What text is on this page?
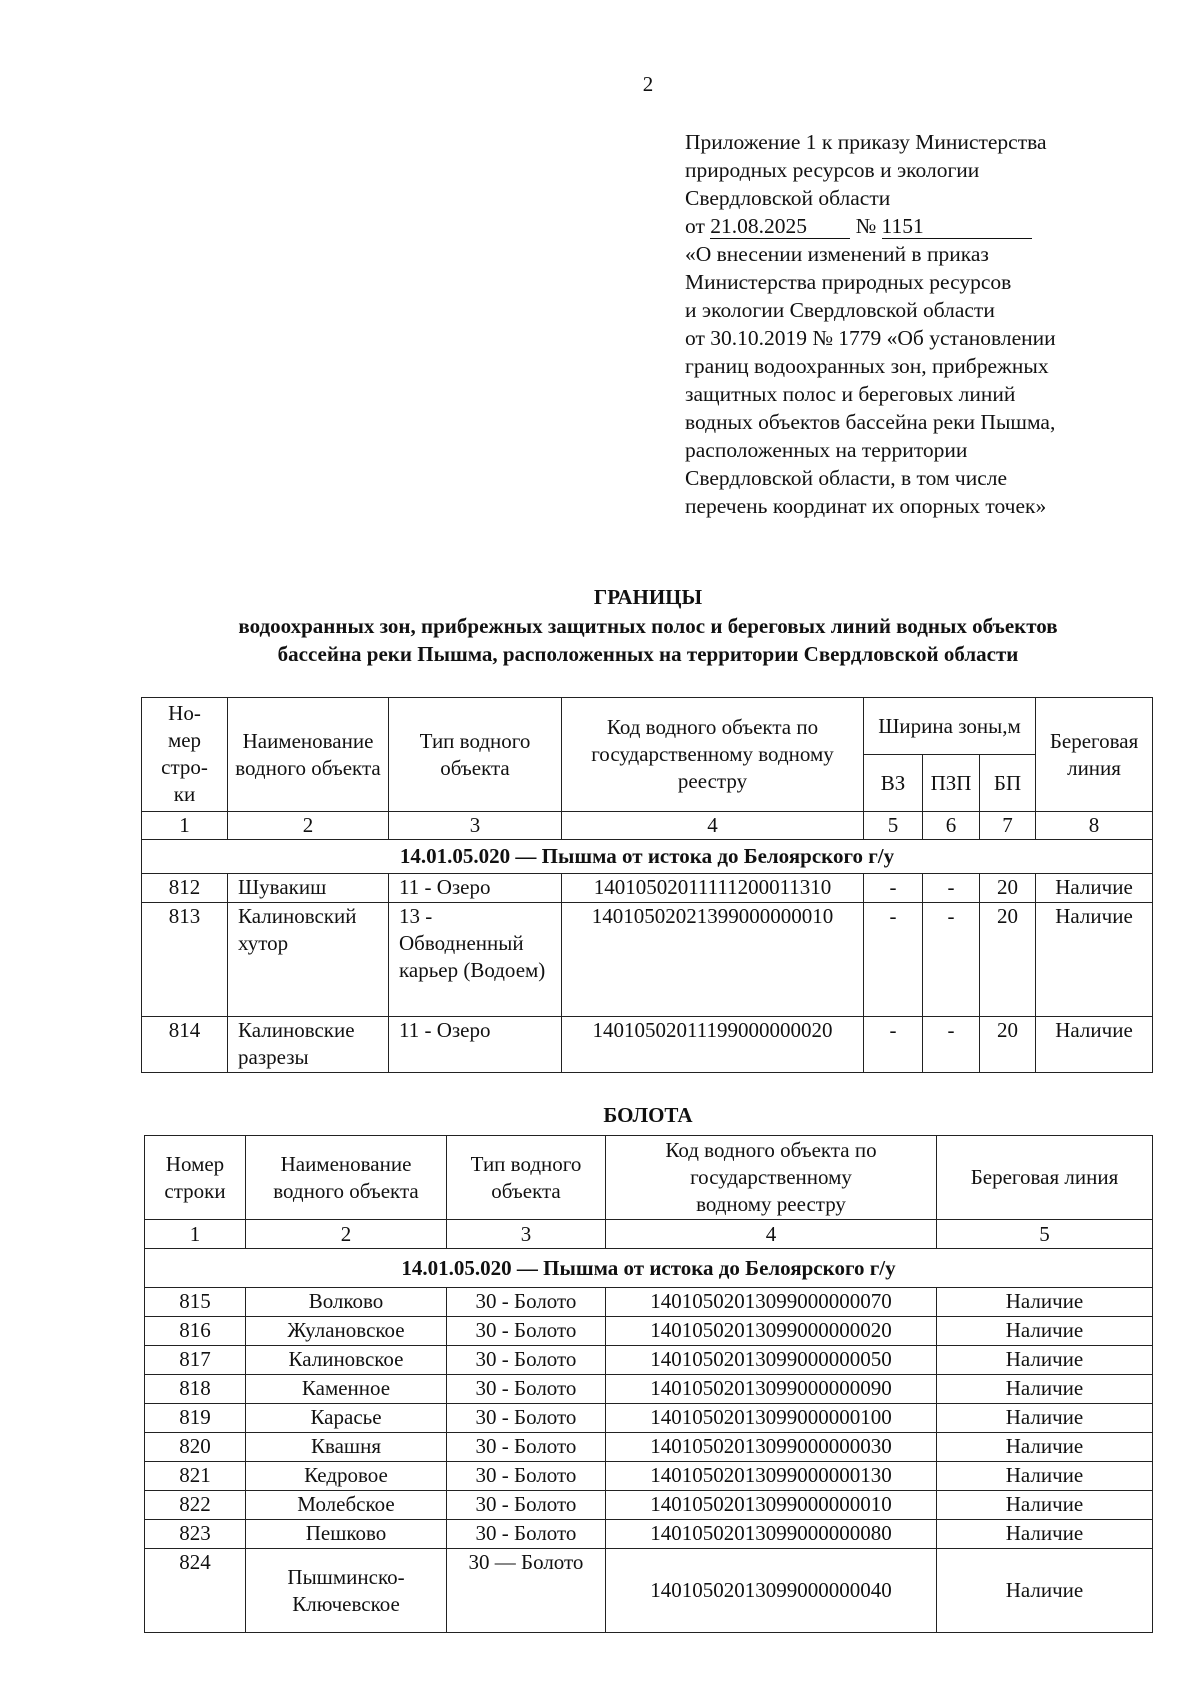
2
Приложение 1 к приказу Министерства
природных ресурсов и экологии
Свердловской области
от 21.08.2025 № 1151
«О внесении изменений в приказ
Министерства природных ресурсов
и экологии Свердловской области
от 30.10.2019 № 1779 «Об установлении
границ водоохранных зон, прибрежных
защитных полос и береговых линий
водных объектов бассейна реки Пышма,
расположенных на территории
Свердловской области, в том числе
перечень координат их опорных точек»
ГРАНИЦЫ
водоохранных зон, прибрежных защитных полос и береговых линий водных объектов
бассейна реки Пышма, расположенных на территории Свердловской области
Но-
мер
стро-
ки	Наименование водного объекта	Тип водного объекта	Код водного объекта по государственному водному реестру	Ширина зоны,м			Береговая линия
				ВЗ	ПЗП	БП	
1	2	3	4	5	6	7	8
14.01.05.020 — Пышма от истока до Белоярского г/у							
812	Шувакиш	11 - Озеро	14010502011111200011310	-	-	20	Наличие
813	Калиновский хутор	13 - Обводненный карьер (Водоем)	14010502021399000000010	-	-	20	Наличие
814	Калиновские разрезы	11 - Озеро	14010502011199000000020	-	-	20	Наличие
БОЛОТА
Номер строки	Наименование водного объекта	Тип водного объекта	Код водного объекта по государственному водному реестру	Береговая линия
1	2	3	4	5
14.01.05.020 — Пышма от истока до Белоярского г/у				
815	Волково	30 - Болото	14010502013099000000070	Наличие
816	Жулановское	30 - Болото	14010502013099000000020	Наличие
817	Калиновское	30 - Болото	14010502013099000000050	Наличие
818	Каменное	30 - Болото	14010502013099000000090	Наличие
819	Карасье	30 - Болото	14010502013099000000100	Наличие
820	Квашня	30 - Болото	14010502013099000000030	Наличие
821	Кедровое	30 - Болото	14010502013099000000130	Наличие
822	Молебское	30 - Болото	14010502013099000000010	Наличие
823	Пешково	30 - Болото	14010502013099000000080	Наличие
824	Пышминско-Ключевское	30 — Болото	14010502013099000000040	Наличие
